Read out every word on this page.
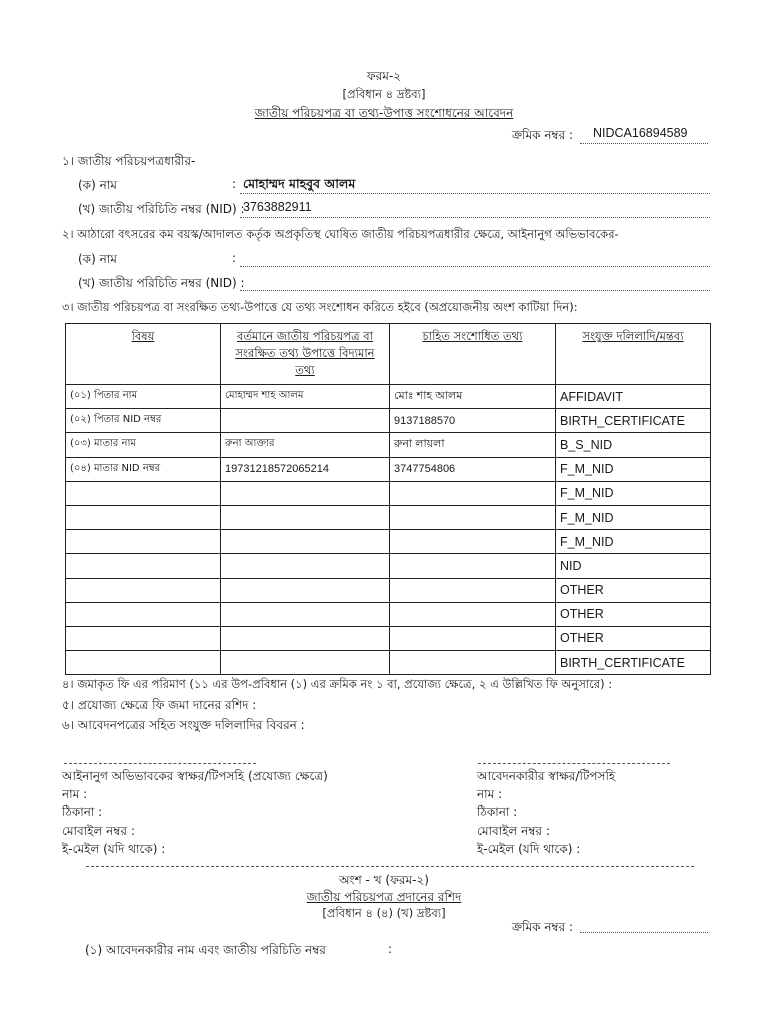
ফরম-২
[প্রবিধান ৪ দ্রষ্টব্য]
জাতীয় পরিচয়পত্র বা তথ্য-উপাত্ত সংশোধনের আবেদন
ক্রমিক নম্বর : NIDCA16894589
১। জাতীয় পরিচয়পত্রধারীর-
(ক) নাম	: মোহাম্মদ মাহবুব আলম
(খ) জাতীয় পরিচিতি নম্বর (NID) :
3763882911
২। আঠারো বৎসরের কম বয়স্ক/আদালত কর্তৃক অপ্রকৃতিস্থ ঘোষিত জাতীয় পরিচয়পত্রধারীর ক্ষেত্রে, আইনানুগ অভিভাবকের-
(ক) নাম	:
(খ) জাতীয় পরিচিতি নম্বর (NID) :
৩। জাতীয় পরিচয়পত্র বা সংরক্ষিত তথ্য-উপাত্তে যে তথ্য সংশোধন করিতে হইবে (অপ্রয়োজনীয় অংশ কাটিয়া দিন):
বিষয়	বর্তমানে জাতীয় পরিচয়পত্র বা সংরক্ষিত তথ্য উপাত্তে বিদ্যমান তথ্য	চাহিত সংশোধিত তথ্য	সংযুক্ত দলিলাদি/মন্তব্য
(০১) পিতার নাম	মোহাম্মদ শাহ আলম	মোঃ শাহ আলম	AFFIDAVIT
(০২) পিতার NID নম্বর		9137188570	BIRTH_CERTIFICATE
(০৩) মাতার নাম	রুনা আক্তার	রুনা লায়লা	B_S_NID
(০৪) মাতার NID নম্বর	19731218572065214	3747754806	F_M_NID
			F_M_NID
			F_M_NID
			F_M_NID
			NID
			OTHER
			OTHER
			OTHER
			BIRTH_CERTIFICATE
৪। জমাকৃত ফি এর পরিমাণ (১১ এর উপ-প্রবিধান (১) এর ক্রমিক নং ১ বা, প্রযোজ্য ক্ষেত্রে, ২ এ উল্লিখিত ফি অনুসারে) :
৫। প্রযোজ্য ক্ষেত্রে ফি জমা দানের রশিদ :
৬। আবেদনপত্রের সহিত সংযুক্ত দলিলাদির বিবরন :
আইনানুগ অভিভাবকের স্বাক্ষর/টিপসহি (প্রযোজ্য ক্ষেত্রে)
নাম :
ঠিকানা :
মোবাইল নম্বর :
ই-মেইল (যদি থাকে) :
আবেদনকারীর স্বাক্ষর/টিপসহি
নাম :
ঠিকানা :
মোবাইল নম্বর :
ই-মেইল (যদি থাকে) :
অংশ - খ (ফরম-২)
জাতীয় পরিচয়পত্র প্রদানের রশিদ
[প্রবিধান ৪ (৪) (খ) দ্রষ্টব্য]
ক্রমিক নম্বর :
(১) আবেদনকারীর নাম এবং জাতীয় পরিচিতি নম্বর	:
